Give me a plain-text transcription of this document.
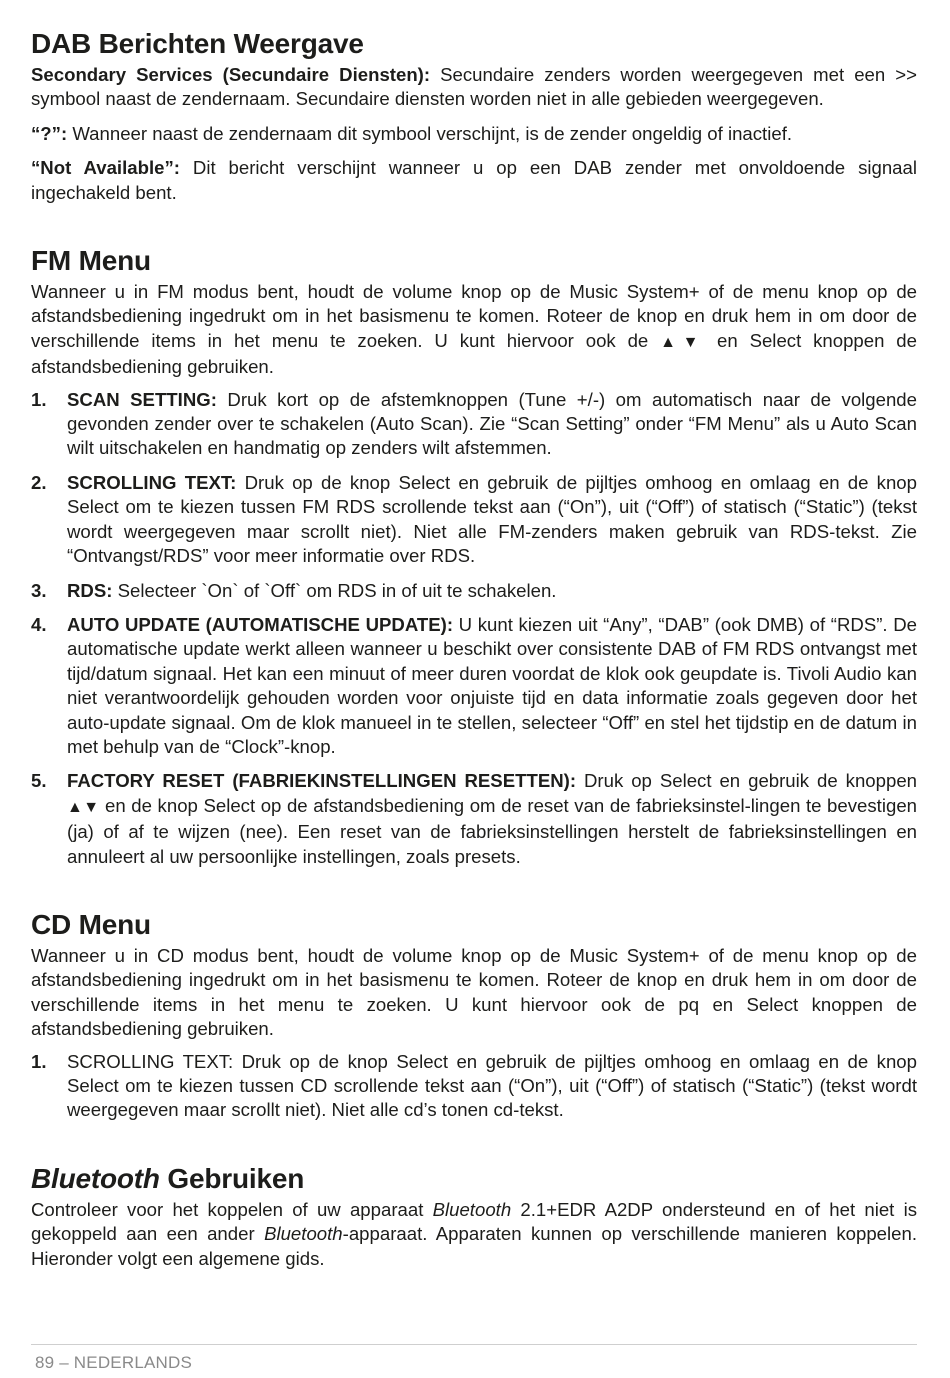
DAB Berichten Weergave

Secondary Services (Secundaire Diensten): Secundaire zenders worden weergegeven met een >> symbool naast de zendernaam. Secundaire diensten worden niet in alle gebieden weergegeven.

“?”: Wanneer naast de zendernaam dit symbool verschijnt, is de zender ongeldig of inactief.

“Not Available”: Dit bericht verschijnt wanneer u op een DAB zender met onvoldoende signaal ingechakeld bent.

FM Menu

Wanneer u in FM modus bent, houdt de volume knop op de Music System+ of de menu knop op de afstandsbediening ingedrukt om in het basismenu te komen. Roteer de knop en druk hem in om door de verschillende items in het menu te zoeken. U kunt hiervoor ook de ▲▼ en Select knoppen de afstandsbediening gebruiken.

1. SCAN SETTING: Druk kort op de afstemknoppen (Tune +/-) om automatisch naar de volgende gevonden zender over te schakelen (Auto Scan). Zie “Scan Setting” onder “FM Menu” als u Auto Scan wilt uitschakelen en handmatig op zenders wilt afstemmen.

2. SCROLLING TEXT: Druk op de knop Select en gebruik de pijltjes omhoog en omlaag en de knop Select om te kiezen tussen FM RDS scrollende tekst aan (“On”), uit (“Off”) of statisch (“Static”) (tekst wordt weergegeven maar scrollt niet). Niet alle FM-zenders maken gebruik van RDS-tekst. Zie “Ontvangst/RDS” voor meer informatie over RDS.

3. RDS: Selecteer `On` of `Off` om RDS in of uit te schakelen.

4. AUTO UPDATE (AUTOMATISCHE UPDATE): U kunt kiezen uit “Any”, “DAB” (ook DMB) of “RDS”. De automatische update werkt alleen wanneer u beschikt over consistente DAB of FM RDS ontvangst met tijd/datum signaal. Het kan een minuut of meer duren voordat de klok ook geupdate is. Tivoli Audio kan niet verantwoordelijk gehouden worden voor onjuiste tijd en data informatie zoals gegeven door het auto-update signaal. Om de klok manueel in te stellen, selecteer “Off” en stel het tijdstip en de datum in met behulp van de “Clock”-knop.

5. FACTORY RESET (FABRIEKINSTELLINGEN RESETTEN): Druk op Select en gebruik de knoppen ▲▼ en de knop Select op de afstandsbediening om de reset van de fabrieksinstel-lingen te bevestigen (ja) of af te wijzen (nee). Een reset van de fabrieksinstellingen herstelt de fabrieksinstellingen en annuleert al uw persoonlijke instellingen, zoals presets.

CD Menu

Wanneer u in CD modus bent, houdt de volume knop op de Music System+ of de menu knop op de afstandsbediening ingedrukt om in het basismenu te komen. Roteer de knop en druk hem in om door de verschillende items in het menu te zoeken. U kunt hiervoor ook de pq en Select knoppen de afstandsbediening gebruiken.

1. SCROLLING TEXT: Druk op de knop Select en gebruik de pijltjes omhoog en omlaag en de knop Select om te kiezen tussen CD scrollende tekst aan (“On”), uit (“Off”) of statisch (“Static”) (tekst wordt weergegeven maar scrollt niet). Niet alle cd’s tonen cd-tekst.

Bluetooth Gebruiken

Controleer voor het koppelen of uw apparaat Bluetooth 2.1+EDR A2DP ondersteund en of het niet is gekoppeld aan een ander Bluetooth-apparaat. Apparaten kunnen op verschillende manieren koppelen. Hieronder volgt een algemene gids.

89 – NEDERLANDS
